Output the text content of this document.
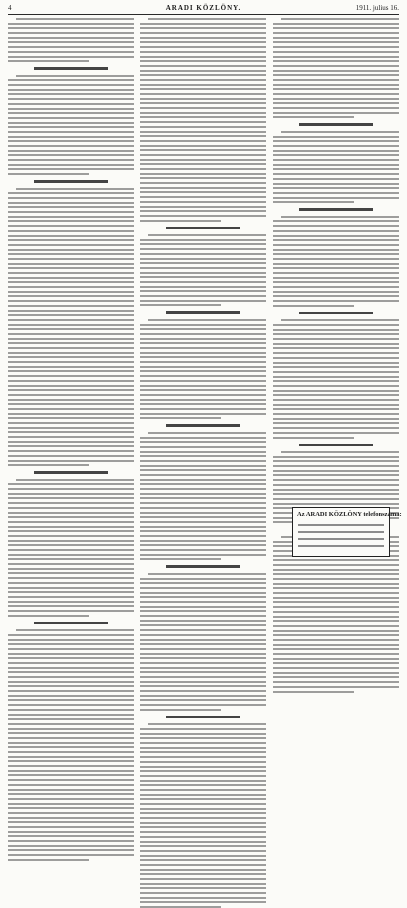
4	ARADI KÖZLÖNY.	1911. julius 16.
Az ARADI KÖZLÖNY telefonszáma:
